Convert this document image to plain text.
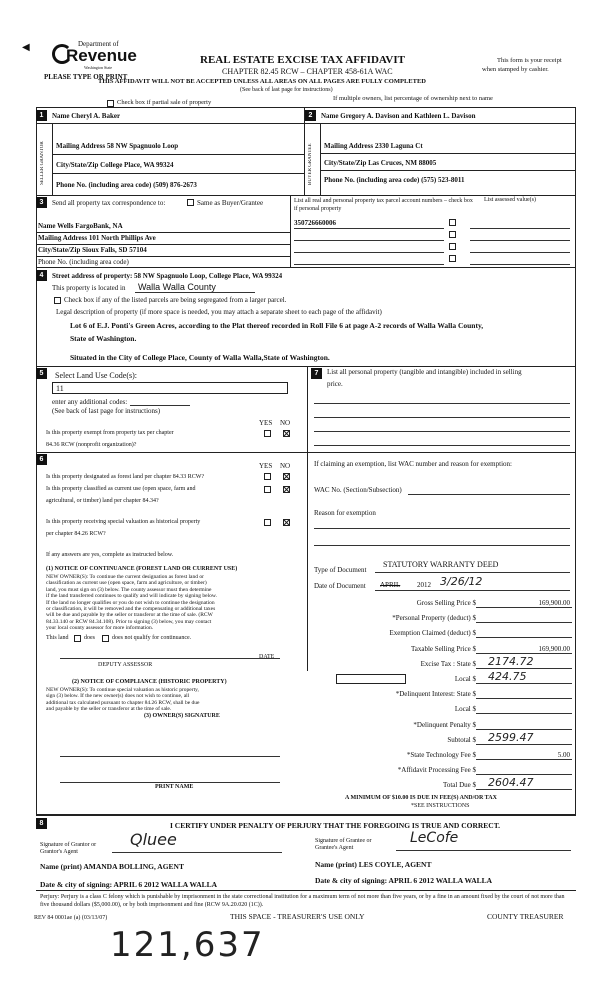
◀	Department of
Revenue
Washington State
PLEASE TYPE OR PRINT
REAL ESTATE EXCISE TAX AFFIDAVIT
CHAPTER 82.45 RCW – CHAPTER 458-61A WAC
THIS AFFIDAVIT WILL NOT BE ACCEPTED UNLESS ALL AREAS ON ALL PAGES ARE FULLY COMPLETED
(See back of last page for instructions)
This form is your receipt
when stamped by cashier.
Check box if partial sale of property
If multiple owners, list percentage of ownership next to name
1	2
Name Cheryl A. Baker	Name Gregory A. Davison and Kathleen L. Davison
SELLER GRANTOR	BUYER GRANTEE
Mailing Address 58 NW Spagnuolo Loop
City/State/Zip College Place, WA 99324
Phone No. (including area code) (509) 876-2673
Mailing Address 2330 Laguna Ct
City/State/Zip Las Cruces, NM 88005
Phone No. (including area code) (575) 523-8011
3	Send all property tax correspondence to:	Same as Buyer/Grantee	List all real and personal property tax parcel account numbers – check box if personal property
List assessed value(s)
350726660006
Name Wells FargoBank, NA
Mailing Address 101 North Phillips Ave
City/State/Zip Sioux Falls, SD 57104
Phone No. (including area code)
4	Street address of property: 58 NW Spagnuolo Loop, College Place, WA 99324
This property is located in Walla Walla County
Check box if any of the listed parcels are being segregated from a larger parcel.
Legal description of property (if more space is needed, you may attach a separate sheet to each page of the affidavit)
Lot 6 of E.J. Ponti's Green Acres, according to the Plat thereof recorded in Roll File 6 at page A-2 records of Walla Walla County,
State of Washington.
Situated in the City of College Place, County of Walla Walla,State of Washington.
5	Select Land Use Code(s):
11
enter any additional codes:
(See back of last page for instructions)
YES NO
Is this property exempt from property tax per chapter
84.36 RCW (nonprofit organization)?
6
YES NO
Is this property designated as forest land per chapter 84.33 RCW?
Is this property classified as current use (open space, farm and
agricultural, or timber) land per chapter 84.34?
Is this property receiving special valuation as historical property
per chapter 84.26 RCW?
If any answers are yes, complete as instructed below.
(1) NOTICE OF CONTINUANCE (FOREST LAND OR CURRENT USE)
NEW OWNER(S): To continue the current designation as forest land or
classification as current use (open space, farm and agriculture, or timber)
land, you must sign on (3) below. The county assessor must then determine
if the land transferred continues to qualify and will indicate by signing below.
If the land no longer qualifies or you do not wish to continue the designation
or classification, it will be removed and the compensating or additional taxes
will be due and payable by the seller or transferor at the time of sale. (RCW
84.33.140 or RCW 84.34.108). Prior to signing (3) below, you may contact
your local county assessor for more information.
This land	does	does not qualify for continuance.
DEPUTY ASSESSOR
DATE
(2) NOTICE OF COMPLIANCE (HISTORIC PROPERTY)
NEW OWNER(S): To continue special valuation as historic property,
sign (3) below. If the new owner(s) does not wish to continue, all
additional tax calculated pursuant to chapter 84.26 RCW, shall be due
and payable by the seller or transferor at the time of sale.
(3) OWNER(S) SIGNATURE
PRINT NAME
7	List all personal property (tangible and intangible) included in selling
price.
If claiming an exemption, list WAC number and reason for exemption:
WAC No. (Section/Subsection)
Reason for exemption
Type of Document
STATUTORY WARRANTY DEED
Date of Document APRIL 2012 3/26/12
Gross Selling Price $	169,900.00
*Personal Property (deduct) $
Exemption Claimed (deduct) $
Taxable Selling Price $	169,900.00
Excise Tax : State $ 2174.72
Local $ 424.75
*Delinquent Interest: State $
Local $
*Delinquent Penalty $
Subtotal $ 2599.47
*State Technology Fee $	5.00
*Affidavit Processing Fee $
Total Due $ 2604.47
A MINIMUM OF $10.00 IS DUE IN FEE(S) AND/OR TAX
*SEE INSTRUCTIONS
8	I CERTIFY UNDER PENALTY OF PERJURY THAT THE FOREGOING IS TRUE AND CORRECT.
Signature of Grantor or Grantor's Agent
Q​lu​ee	Signature of Grantee or Grantee's Agent
L​e​Cof​e
Name (print) AMANDA BOLLING, AGENT	Name (print) LES COYLE, AGENT
Date & city of signing: APRIL 6 2012 WALLA WALLA	Date & city of signing: APRIL 6 2012 WALLA WALLA
Perjury: Perjury is a class C felony which is punishable by imprisonment in the state correctional institution for a maximum term of not more than five years, or by a fine in an amount fixed by the court of not more than five thousand dollars ($5,000.00), or by both imprisonment and fine (RCW 9A.20.020 (1C)).
REV 84 0001ae (a) (03/13/07)	THIS SPACE - TREASURER'S USE ONLY	COUNTY TREASURER
121,637
